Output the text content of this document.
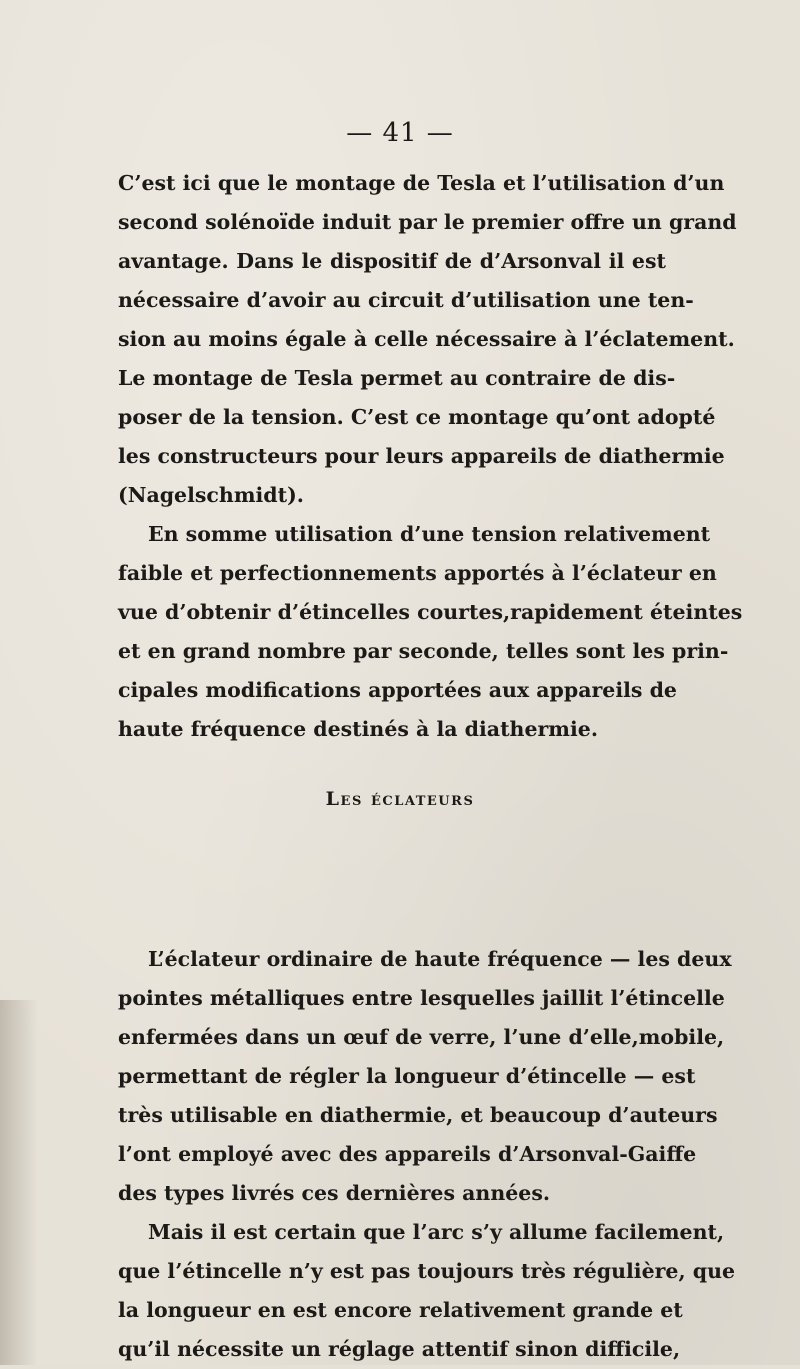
— 41 —
C’est ici que le montage de Tesla et l’utilisation d’un
second solénoïde induit par le premier offre un grand
avantage. Dans le dispositif de d’Arsonval il est
nécessaire d’avoir au circuit d’utilisation une ten-
sion au moins égale à celle nécessaire à l’éclatement.
Le montage de Tesla permet au contraire de dis-
poser de la tension. C’est ce montage qu’ont adopté
les constructeurs pour leurs appareils de diathermie
(Nagelschmidt).
En somme utilisation d’une tension relativement
faible et perfectionnements apportés à l’éclateur en
vue d’obtenir d’étincelles courtes,rapidement éteintes
et en grand nombre par seconde, telles sont les prin-
cipales modifications apportées aux appareils de
haute fréquence destinés à la diathermie.
Les éclateurs
L’éclateur ordinaire de haute fréquence — les deux
pointes métalliques entre lesquelles jaillit l’étincelle
enfermées dans un œuf de verre, l’une d’elle,mobile,
permettant de régler la longueur d’étincelle — est
très utilisable en diathermie, et beaucoup d’auteurs
l’ont employé avec des appareils d’Arsonval-Gaiffe
des types livrés ces dernières années.
Mais il est certain que l’arc s’y allume facilement,
que l’étincelle n’y est pas toujours très régulière, que
la longueur en est encore relativement grande et
qu’il nécessite un réglage attentif sinon difficile,
